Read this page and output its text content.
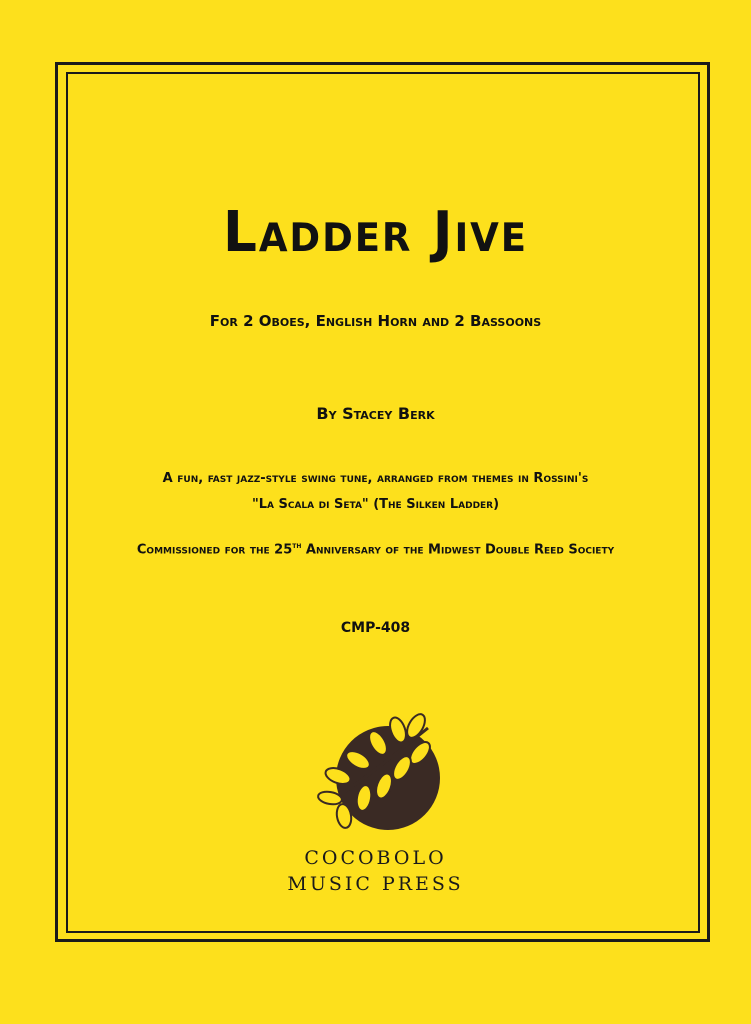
Ladder Jive

For 2 Oboes, English Horn and 2 Bassoons

By Stacey Berk

A fun, fast jazz-style swing tune, arranged from themes in Rossini's

"La Scala di Seta" (The Silken Ladder)

Commissioned for the 25th Anniversary of the Midwest Double Reed Society

CMP-408

COCOBOLO

MUSIC PRESS
